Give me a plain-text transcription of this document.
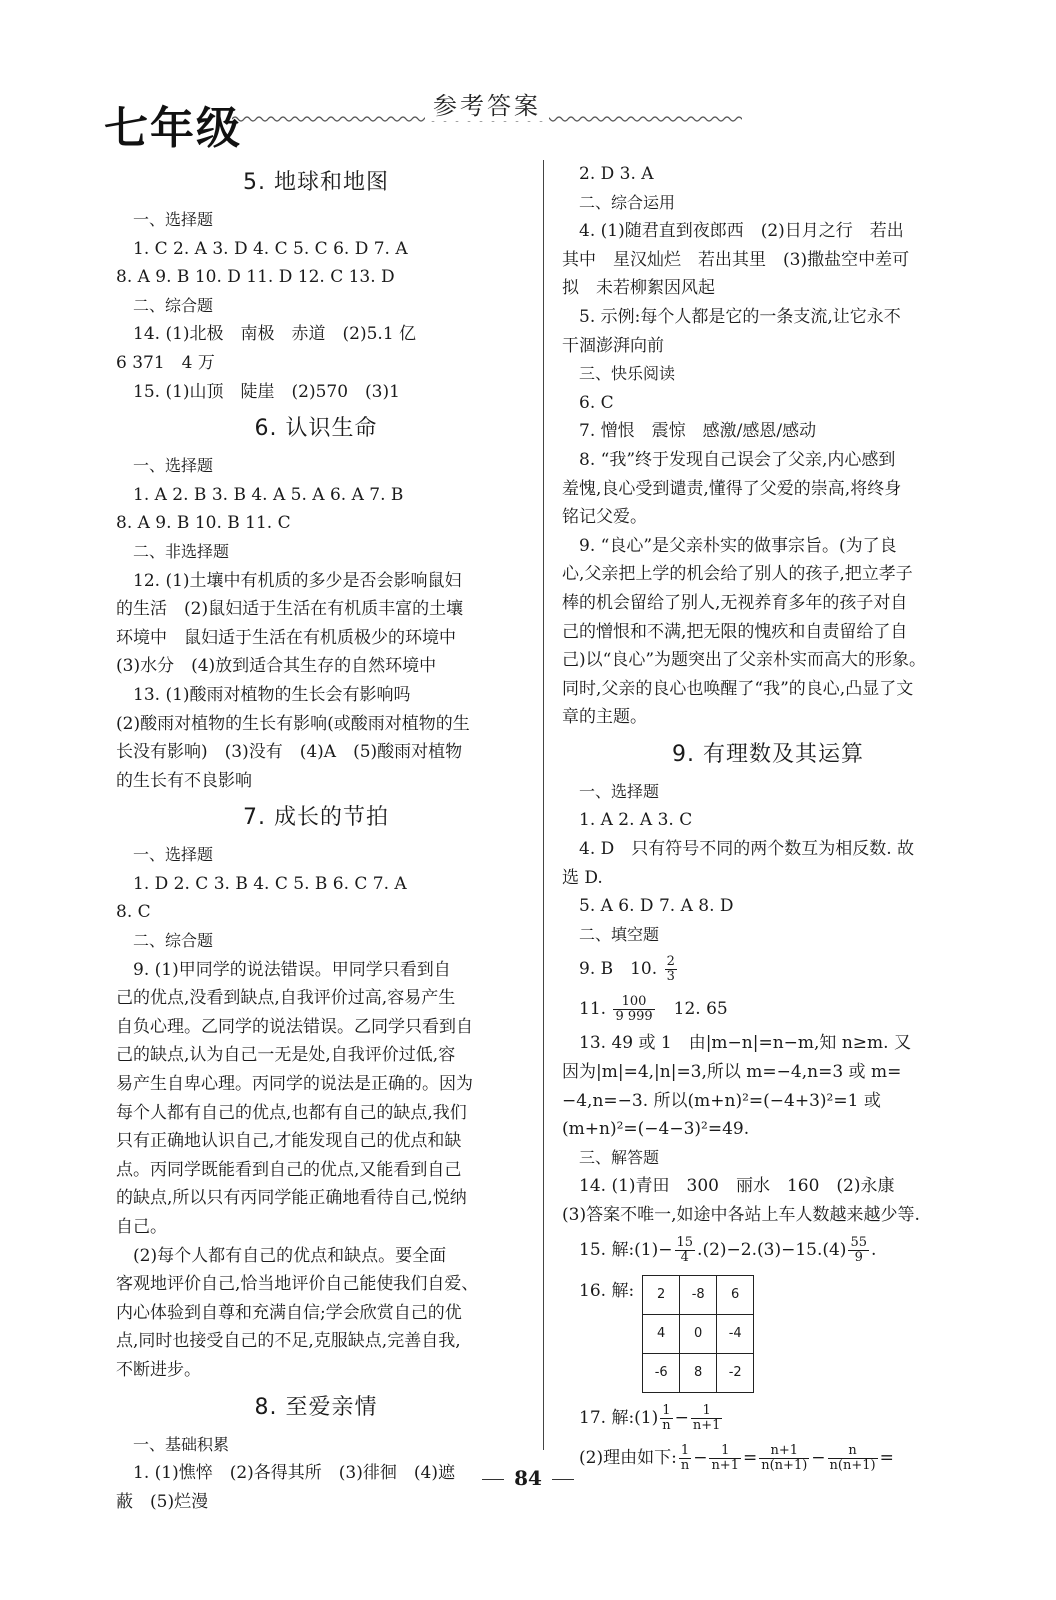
七年级	参考答案
5. 地球和地图
一、选择题
1. C 2. A 3. D 4. C 5. C 6. D 7. A
8. A 9. B 10. D 11. D 12. C 13. D
二、综合题
14. (1)北极　南极　赤道　(2)5.1 亿
6 371　4 万
15. (1)山顶　陡崖　(2)570　(3)1
6. 认识生命
一、选择题
1. A 2. B 3. B 4. A 5. A 6. A 7. B
8. A 9. B 10. B 11. C
二、非选择题
12. (1)土壤中有机质的多少是否会影响鼠妇
的生活　(2)鼠妇适于生活在有机质丰富的土壤
环境中　鼠妇适于生活在有机质极少的环境中
(3)水分　(4)放到适合其生存的自然环境中
13. (1)酸雨对植物的生长会有影响吗
(2)酸雨对植物的生长有影响(或酸雨对植物的生
长没有影响)　(3)没有　(4)A　(5)酸雨对植物
的生长有不良影响
7. 成长的节拍
一、选择题
1. D 2. C 3. B 4. C 5. B 6. C 7. A
8. C
二、综合题
9. (1)甲同学的说法错误。甲同学只看到自
己的优点,没看到缺点,自我评价过高,容易产生
自负心理。乙同学的说法错误。乙同学只看到自
己的缺点,认为自己一无是处,自我评价过低,容
易产生自卑心理。丙同学的说法是正确的。因为
每个人都有自己的优点,也都有自己的缺点,我们
只有正确地认识自己,才能发现自己的优点和缺
点。丙同学既能看到自己的优点,又能看到自己
的缺点,所以只有丙同学能正确地看待自己,悦纳
自己。
(2)每个人都有自己的优点和缺点。要全面
客观地评价自己,恰当地评价自己能使我们自爱、
内心体验到自尊和充满自信;学会欣赏自己的优
点,同时也接受自己的不足,克服缺点,完善自我,
不断进步。
8. 至爱亲情
一、基础积累
1. (1)憔悴　(2)各得其所　(3)徘徊　(4)遮
蔽　(5)烂漫
2. D 3. A
二、综合运用
4. (1)随君直到夜郎西　(2)日月之行　若出
其中　星汉灿烂　若出其里　(3)撒盐空中差可
拟　未若柳絮因风起
5. 示例:每个人都是它的一条支流,让它永不
干涸澎湃向前
三、快乐阅读
6. C
7. 憎恨　震惊　感激/感恩/感动
8. “我”终于发现自己误会了父亲,内心感到
羞愧,良心受到谴责,懂得了父爱的崇高,将终身
铭记父爱。
9. “良心”是父亲朴实的做事宗旨。(为了良
心,父亲把上学的机会给了别人的孩子,把立孝子
棒的机会留给了别人,无视养育多年的孩子对自
己的憎恨和不满,把无限的愧疚和自责留给了自
己)以“良心”为题突出了父亲朴实而高大的形象。
同时,父亲的良心也唤醒了“我”的良心,凸显了文
章的主题。
9. 有理数及其运算
一、选择题
1. A 2. A 3. C
4. D　只有符号不同的两个数互为相反数. 故
选 D.
5. A 6. D 7. A 8. D
二、填空题
9. B　10. $\frac{2}{3}$
11. $\frac{100}{9 999}$ 　12. 65
13. 49 或 1　由|m−n|=n−m,知 n≥m. 又
因为|m|=4,|n|=3,所以 m=−4,n=3 或 m=
−4,n=−3. 所以(m+n)²=(−4+3)²=1 或
(m+n)²=(−4−3)²=49.
三、解答题
14. (1)青田　300　丽水　160　(2)永康
(3)答案不唯一,如途中各站上车人数越来越少等.
15. 解:(1)− $\frac{15}{4} .(2)-2.(3)-15.(4) \frac{55}{9}$ .
16. 解: 2	-8	6
4	0	-4
-6	8	-2
17. 解:(1) $\frac{1}{n} - \frac{1}{n+1}$
(2)理由如下: $\frac{1}{n} - \frac{1}{n+1} = \frac{n+1}{n(n+1)} - \frac{n}{n(n+1)}$ =
84
